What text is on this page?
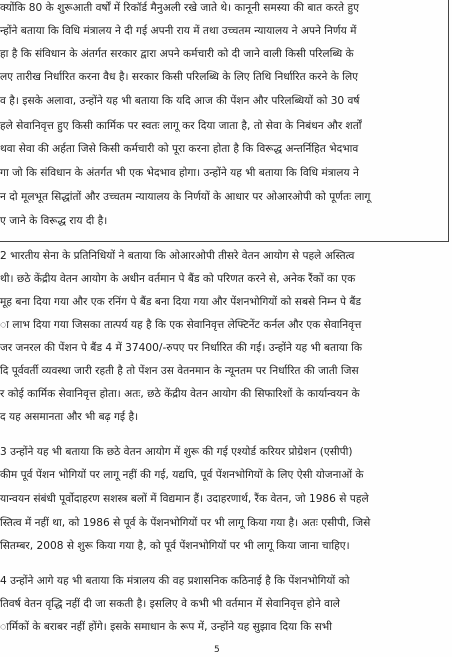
क्योंकि 80 के शुरूआती वर्षों में रिकॉर्ड मैनुअली रखे जाते थे। कानूनी समस्या की बात करते हुए
न्होंने बताया कि विधि मंत्रालय ने दी गई अपनी राय में तथा उच्चतम न्यायालय ने अपने निर्णय में
हा है कि संविधान के अंतर्गत सरकार द्वारा अपने कर्मचारी को दी जाने वाली किसी परिलब्धि के
लए तारीख निर्धारित करना वैध है। सरकार किसी परिलब्धि के लिए तिथि निर्धारित करने के लिए
व है। इसके अलावा, उन्होंने यह भी बताया कि यदि आज की पेंशन और परिलब्धियों को 30 वर्ष
हले सेवानिवृत्त हुए किसी कार्मिक पर स्वतः लागू कर दिया जाता है, तो सेवा के निबंधन और शर्तों
थवा सेवा की अर्हता जिसे किसी कर्मचारी को पूरा करना होता है कि विरूद्ध अन्तर्निहित भेदभाव
गा जो कि संविधान के अंतर्गत भी एक भेदभाव होगा। उन्होंने यह भी बताया कि विधि मंत्रालय ने
न दो मूलभूत सिद्धांतों और उच्चतम न्यायालय के निर्णयों के आधार पर ओआरओपी को पूर्णतः लागू
ए जाने के विरूद्ध राय दी है।
2 भारतीय सेना के प्रतिनिधियों ने बताया कि ओआरओपी तीसरे वेतन आयोग से पहले अस्तित्व
थी। छठे केंद्रीय वेतन आयोग के अधीन वर्तमान पे बैंड को परिणत करने से, अनेक रैंकों का एक
मूह बना दिया गया और एक रनिंग पे बैंड बना दिया गया और पेंशनभोगियों को सबसे निम्न पे बैंड
ा लाभ दिया गया जिसका तात्पर्य यह है कि एक सेवानिवृत्त लेफ्टिनेंट कर्नल और एक सेवानिवृत्त
जर जनरल की पेंशन पे बैंड 4 में 37400/-रुपए पर निर्धारित की गई। उन्होंने यह भी बताया कि
दि पूर्ववर्ती व्यवस्था जारी रहती है तो पेंशन उस वेतनमान के न्यूनतम पर निर्धारित की जाती जिस
र कोई कार्मिक सेवानिवृत्त होता। अतः, छठे केंद्रीय वेतन आयोग की सिफारिशों के कार्यान्वयन के
द यह असमानता और भी बढ़ गई है।
3 उन्होंने यह भी बताया कि छठे वेतन आयोग में शुरू की गई एश्योर्ड करियर प्रोग्रेशन (एसीपी)
कीम पूर्व पेंशन भोगियों पर लागू नहीं की गई, यद्यपि, पूर्व पेंशनभोगियों के लिए ऐसी योजनाओं के
यान्वयन संबंधी पूर्वोदाहरण सशस्त्र बलों में विद्यमान हैं। उदाहरणार्थ, रैंक वेतन, जो 1986 से पहले
स्तित्व में नहीं था, को 1986 से पूर्व के पेंशनभोगियों पर भी लागू किया गया है। अतः एसीपी, जिसे
सितम्बर, 2008 से शुरू किया गया है, को पूर्व पेंशनभोगियों पर भी लागू किया जाना चाहिए।
4 उन्होंने आगे यह भी बताया कि मंत्रालय की वह प्रशासनिक कठिनाई है कि पेंशनभोगियों को
तिवर्ष वेतन वृद्धि नहीं दी जा सकती है। इसलिए वे कभी भी वर्तमान में सेवानिवृत्त होने वाले
ार्मिकों के बराबर नहीं होंगे। इसके समाधान के रूप में, उन्होंने यह सुझाव दिया कि सभी
5
